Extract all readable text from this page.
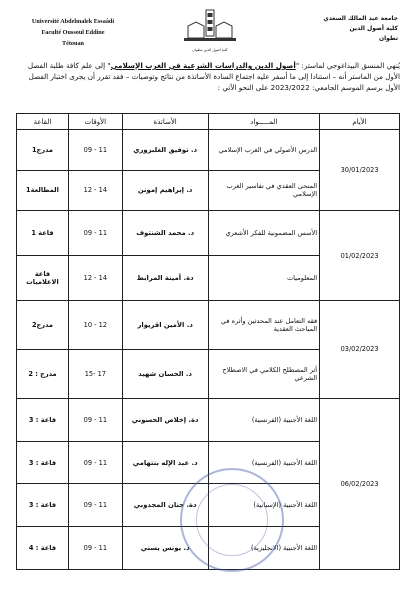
Université Abdelmalek Essaâdi
Faculté Oussoul Eddine
Tétouan
كلية أصول الدين بتطوان
جامعة عبد المالك السعدي
كلية أصول الدين
تطوان
يُنهي المنسق البيداغوجي لماستر: "أصول الدين والدراسات الشرعية في الغرب الإسلامي" إلى علم كافة طلبة الفصل الأول من الماستر أنه – استنادا إلى ما أسفر عليه اجتماع السادة الأساتذة من نتائج وتوصيات – فقد تقرر أن يجرى اختبار الفصل الأول برسم الموسم الجامعي: 2023/2022 على النحو الآتي :
القاعة	الأوقات	الأساتذة	المـــــواد	الأيام
مدرج1	09 - 11	د. توفيق الغلبزوري	الدرس الأصولي في الغرب الإسلامي	30/01/2023
المطالعة1	12 - 14	د. إبراهيم إمونن	المنحى العقدي في تفاسير الغرب الإسلامي	
قاعة 1	09 - 11	د. محمد الشنتوف	الأسس المضمونية للفكر الأشعري	01/02/2023
قاعة الاعلاميات	12 - 14	دة. أمينة المرابط	المعلوميات	
مدرج2	10 - 12	د. الأمين اقريوار	فقه التعامل عند المحدثين وأثره في المباحث العقدية	03/02/2023
مدرج : 2	15- 17	د. الحسان شهيد	أثر المصطلح الكلامي في الاصطلاح الشرعي	
قاعة : 3	09 - 11	دة. إخلاص الحسوني	اللغة الأجنبية (الفرنسية)	06/02/2023
قاعة : 3	09 - 11	د. عبد الإله بنتهامي	اللغة الأجنبية (الفرنسية)	
قاعة : 3	09 - 11	دة. حنان المجدوبي	اللغة الأجنبية (الإسبانية)	
قاعة : 4	09 - 11	د. يونس يسني	اللغة الأجنبية (الانجليزية)	
